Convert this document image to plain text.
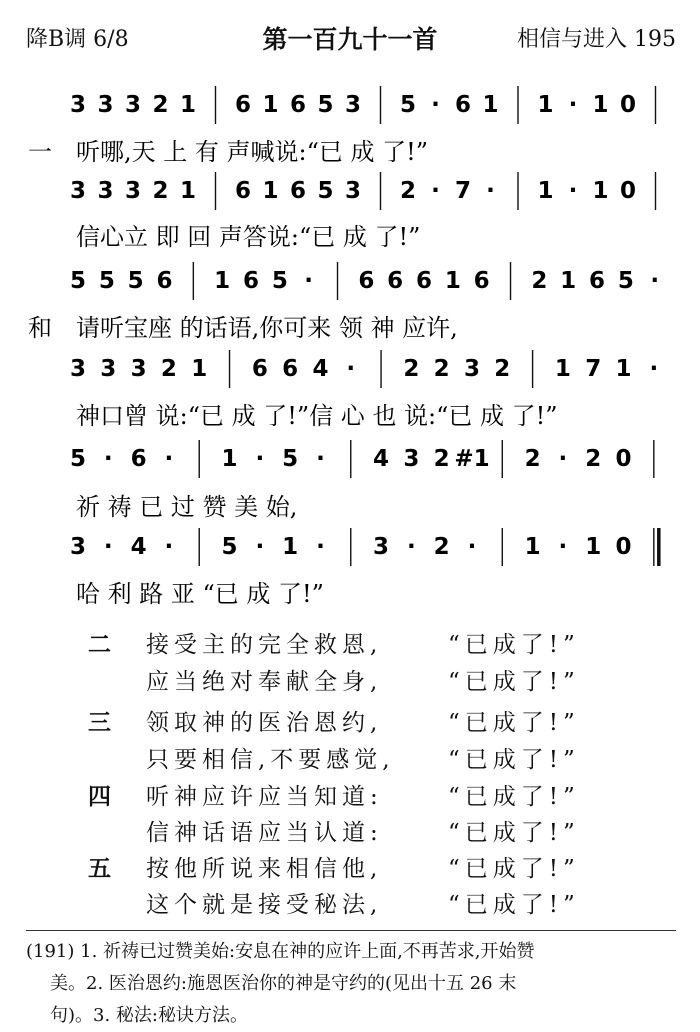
降B调 6/8	第一百九十一首	相信与进入 195
3 3 3 2 1 6 1 6 5 3 5 · 6 1 1 · 1 0
一 听哪,天 上 有 声喊说:“已 成 了!”
3 3 3 2 1 6 1 6 5 3 2 · 7 · 1 · 1 0
信心立 即 回 声答说:“已 成 了!”
5 5 5 6 1 6 5 · 6 6 6 1 6 2 1 6 5 ·
和 请听宝座 的话语,你可来 领 神 应许,
3 3 3 2 1 6 6 4 · 2 2 3 2 1 7 1 ·
神口曾 说:“已 成 了!”信 心 也 说:“已 成 了!”
5 · 6 · 1 · 5 · 4 3 2 #1 2 · 2 0
祈 祷 已 过 赞 美 始,
3 · 4 · 5 · 1 · 3 · 2 · 1 · 1 0
哈 利 路 亚 “已 成 了!”
二 接受主的完全救恩,	“已成了!”
应当绝对奉献全身,	“已成了!”
三 领取神的医治恩约,	“已成了!”
只要相信,不要感觉, “已成了!”
四 听神应许应当知道:	“已成了!”
信神话语应当认道:	“已成了!”
五 按他所说来相信他,	“已成了!”
这个就是接受秘法,	“已成了!”
(191) 1. 祈祷已过赞美始:安息在神的应许上面,不再苦求,开始赞
美。2. 医治恩约:施恩医治你的神是守约的(见出十五 26 末
句)。3. 秘法:秘诀方法。
